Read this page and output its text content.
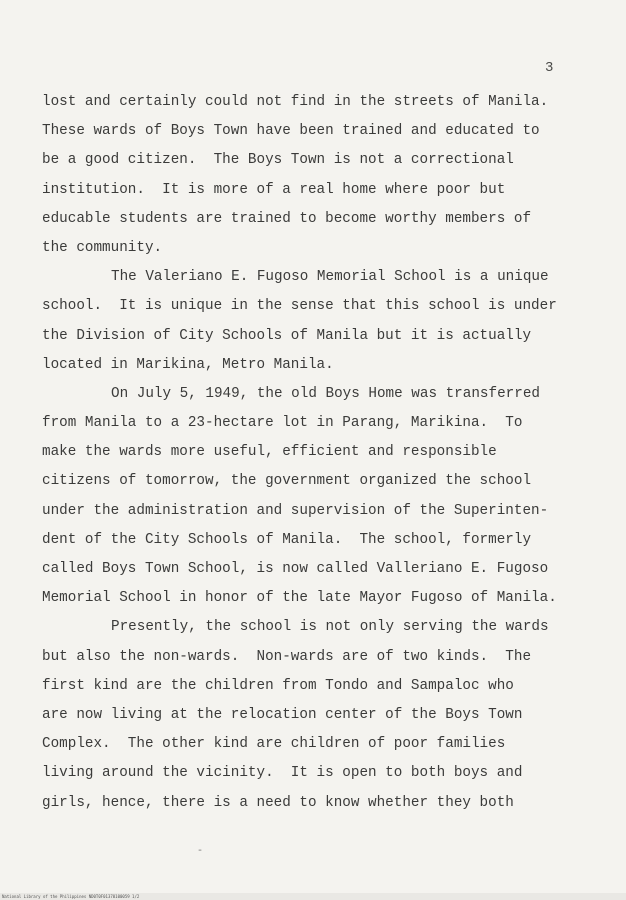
3
lost and certainly could not find in the streets of Manila.
These wards of Boys Town have been trained and educated to
be a good citizen.  The Boys Town is not a correctional
institution.  It is more of a real home where poor but
educable students are trained to become worthy members of
the community.
The Valeriano E. Fugoso Memorial School is a unique
school.  It is unique in the sense that this school is under
the Division of City Schools of Manila but it is actually
located in Marikina, Metro Manila.
On July 5, 1949, the old Boys Home was transferred
from Manila to a 23-hectare lot in Parang, Marikina.  To
make the wards more useful, efficient and responsible
citizens of tomorrow, the government organized the school
under the administration and supervision of the Superinten-
dent of the City Schools of Manila.  The school, formerly
called Boys Town School, is now called Valleriano E. Fugoso
Memorial School in honor of the late Mayor Fugoso of Manila.
Presently, the school is not only serving the wards
but also the non-wards.  Non-wards are of two kinds.  The
first kind are the children from Tondo and Sampaloc who
are now living at the relocation center of the Boys Town
Complex.  The other kind are children of poor families
living around the vicinity.  It is open to both boys and
girls, hence, there is a need to know whether they both
-
National Library of the Philippines ND0T0F01370100059 1/2
